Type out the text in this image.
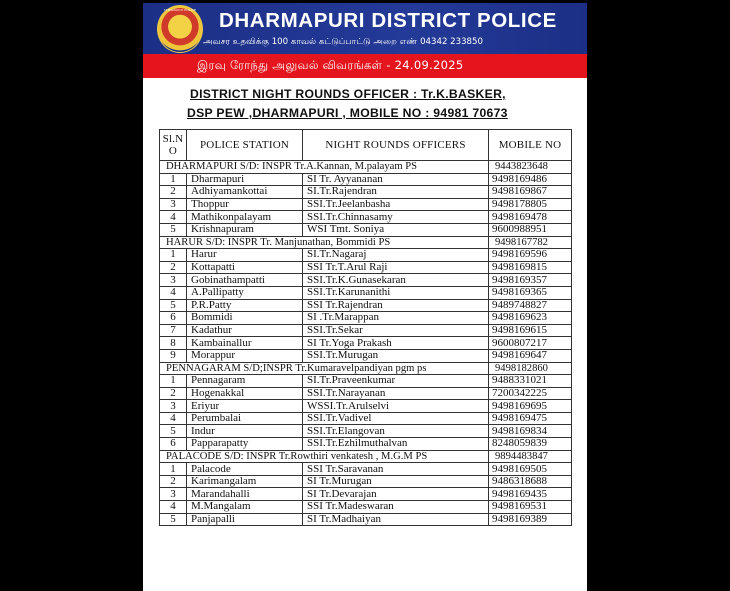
TAMILNADU POLICE DHARMAPURI DISTRICT POLICE
அவசர உதவிக்கு 100 காவல் கட்டுப்பாட்டு அறை எண் 04342 233850
இரவு ரோந்து அலுவல் விவரங்கள் - 24.09.2025
DISTRICT NIGHT ROUNDS OFFICER : Tr.K.BASKER,
DSP PEW ,DHARMAPURI , MOBILE NO : 94981 70673
Sl.N O	POLICE STATION	NIGHT ROUNDS OFFICERS	MOBILE NO
DHARMAPURI S/D: INSPR Tr.A.Kannan, M.palayam PS			9443823648
1	Dharmapuri	SI Tr. Ayyananan	9498169486
2	Adhiyamankottai	SI.Tr.Rajendran	9498169867
3	Thoppur	SSI.Tr.Jeelanbasha	9498178805
4	Mathikonpalayam	SSI.Tr.Chinnasamy	9498169478
5	Krishnapuram	WSI Tmt. Soniya	9600988951
HARUR S/D: INSPR Tr. Manjunathan, Bommidi PS			9498167782
1	Harur	SI.Tr.Nagaraj	9498169596
2	Kottapatti	SSI Tr.T.Arul Raji	9498169815
3	Gobinathampatti	SSI.Tr.K.Gunasekaran	9498169357
4	A.Pallipatty	SSI.Tr.Karunanithi	9498169365
5	P.R.Patty	SSI Tr.Rajendran	9489748827
6	Bommidi	SI .Tr.Marappan	9498169623
7	Kadathur	SSI.Tr.Sekar	9498169615
8	Kambainallur	SI Tr.Yoga Prakash	9600807217
9	Morappur	SSI.Tr.Murugan	9498169647
PENNAGARAM S/D;INSPR Tr.Kumaravelpandiyan pgm ps			9498182860
1	Pennagaram	SI.Tr.Praveenkumar	9488331021
2	Hogenakkal	SSI.Tr.Narayanan	7200342225
3	Eriyur	WSSI.Tr.Arulselvi	9498169695
4	Perumbalai	SSI.Tr.Vadivel	9498169475
5	Indur	SSI.Tr.Elangovan	9498169834
6	Papparapatty	SSI.Tr.Ezhilmuthalvan	8248059839
PALACODE S/D: INSPR Tr.Rowthiri venkatesh , M.G.M PS			9894483847
1	Palacode	SSI Tr.Saravanan	9498169505
2	Karimangalam	SI Tr.Murugan	9486318688
3	Marandahalli	SI Tr.Devarajan	9498169435
4	M.Mangalam	SSI Tr.Madeswaran	9498169531
5	Panjapalli	SI Tr.Madhaiyan	9498169389
